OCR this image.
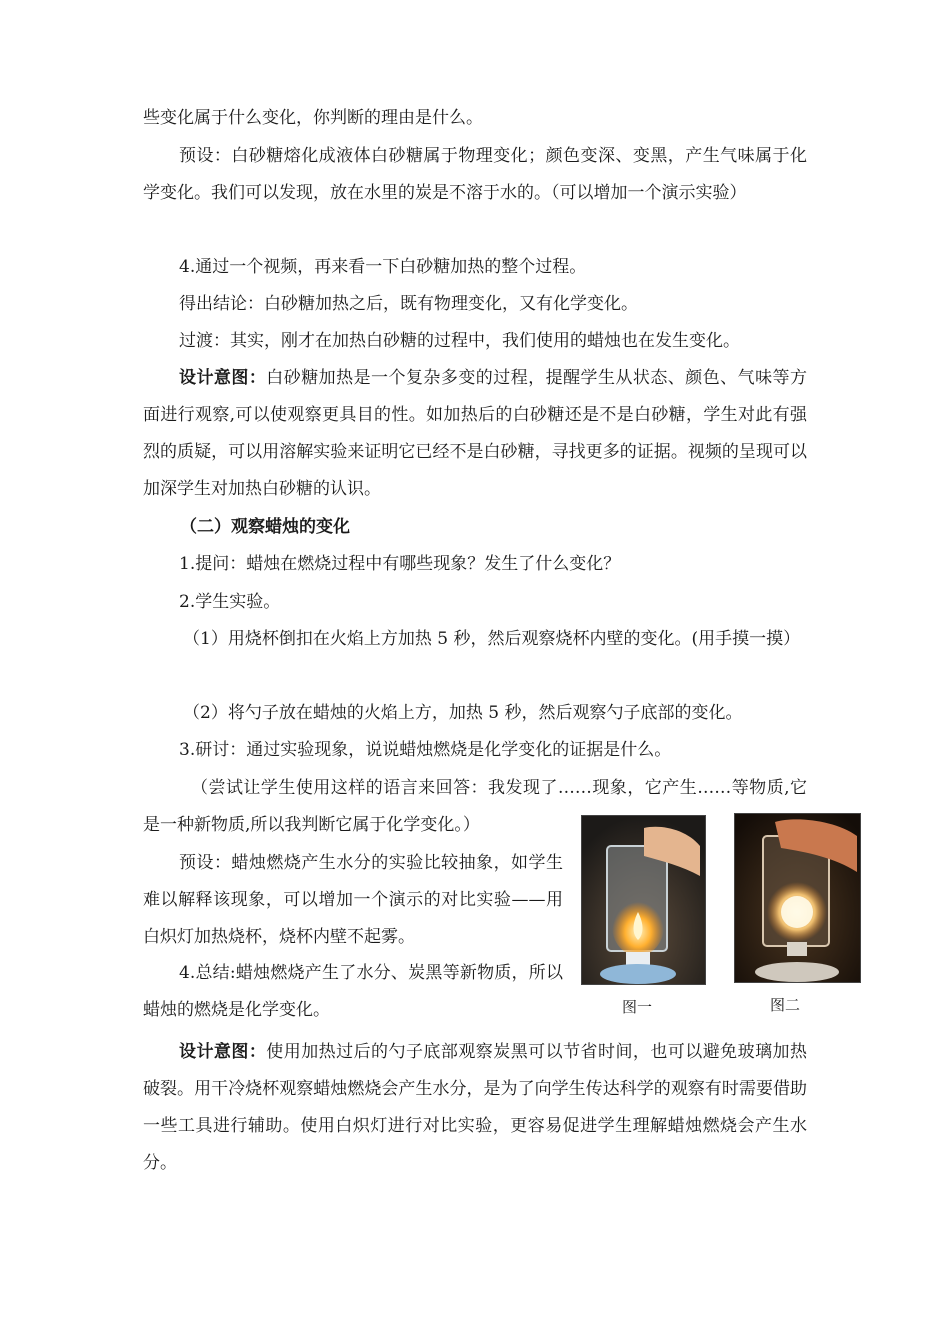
些变化属于什么变化，你判断的理由是什么。

预设：白砂糖熔化成液体白砂糖属于物理变化；颜色变深、变黑，产生气味属于化学变化。我们可以发现，放在水里的炭是不溶于水的。（可以增加一个演示实验）

4.通过一个视频，再来看一下白砂糖加热的整个过程。

得出结论：白砂糖加热之后，既有物理变化，又有化学变化。

过渡：其实，刚才在加热白砂糖的过程中，我们使用的蜡烛也在发生变化。

设计意图：白砂糖加热是一个复杂多变的过程，提醒学生从状态、颜色、气味等方面进行观察,可以使观察更具目的性。如加热后的白砂糖还是不是白砂糖，学生对此有强烈的质疑，可以用溶解实验来证明它已经不是白砂糖，寻找更多的证据。视频的呈现可以加深学生对加热白砂糖的认识。

（二）观察蜡烛的变化

1.提问：蜡烛在燃烧过程中有哪些现象？发生了什么变化？

2.学生实验。

（1）用烧杯倒扣在火焰上方加热 5 秒，然后观察烧杯内壁的变化。(用手摸一摸）

（2）将勺子放在蜡烛的火焰上方，加热 5 秒，然后观察勺子底部的变化。

3.研讨：通过实验现象，说说蜡烛燃烧是化学变化的证据是什么。

（尝试让学生使用这样的语言来回答：我发现了……现象，它产生……等物质,它是一种新物质,所以我判断它属于化学变化。）

预设：蜡烛燃烧产生水分的实验比较抽象，如学生难以解释该现象，可以增加一个演示的对比实验——用白炽灯加热烧杯，烧杯内壁不起雾。

4.总结:蜡烛燃烧产生了水分、炭黑等新物质，所以蜡烛的燃烧是化学变化。	图一	图二

设计意图：使用加热过后的勺子底部观察炭黑可以节省时间，也可以避免玻璃加热破裂。用干冷烧杯观察蜡烛燃烧会产生水分，是为了向学生传达科学的观察有时需要借助一些工具进行辅助。使用白炽灯进行对比实验，更容易促进学生理解蜡烛燃烧会产生水分。
